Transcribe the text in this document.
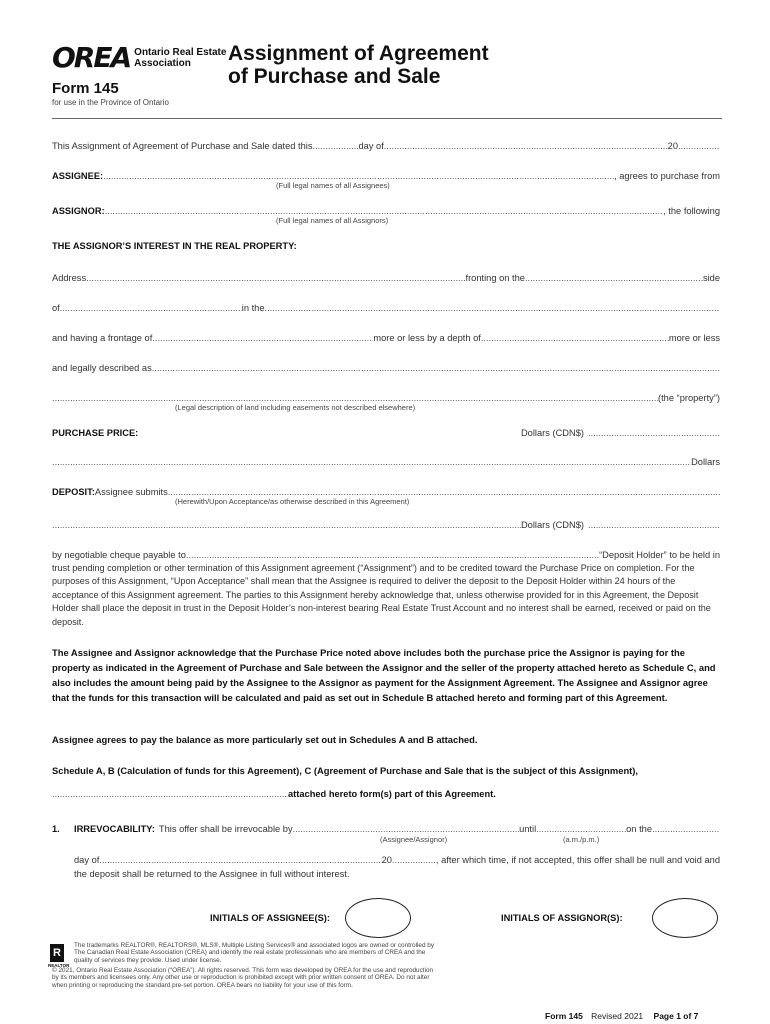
OREA Ontario Real Estate
Association	Assignment of Agreement
of Purchase and Sale
Form 145
for use in the Province of Ontario
This Assignment of Agreement of Purchase and Sale dated this .....	day of .....	20
.....
ASSIGNEE: .....	, agrees to purchase from
(Full legal names of all Assignees)
ASSIGNOR: .....	, the following
(Full legal names of all Assignors)
THE ASSIGNOR’S INTEREST IN THE REAL PROPERTY:
Address .....	fronting on the .....	side
of .....	in the
.....
and having a frontage of .....	more or less by a depth of .....	more or less
and legally described as
.....
.....
(the “property”)
(Legal description of land including easements not described elsewhere)
PURCHASE PRICE:	Dollars (CDN$)
.....
.....
Dollars
DEPOSIT: Assignee submits
.....
(Herewith/Upon Acceptance/as otherwise described in this Agreement)
.....
Dollars (CDN$)
.....
by negotiable cheque payable to .....	“Deposit Holder” to be held in
trust pending completion or other termination of this Assignment agreement (“Assignment”) and to be credited toward the Purchase Price on completion. For the purposes of this Assignment, “Upon Acceptance” shall mean that the Assignee is required to deliver the deposit to the Deposit Holder within 24 hours of the acceptance of this Assignment agreement. The parties to this Assignment hereby acknowledge that, unless otherwise provided for in this Agreement, the Deposit Holder shall place the deposit in trust in the Deposit Holder’s non-interest bearing Real Estate Trust Account and no interest shall be earned, received or paid on the deposit.
The Assignee and Assignor acknowledge that the Purchase Price noted above includes both the purchase price the Assignor is paying for the property as indicated in the Agreement of Purchase and Sale between the Assignor and the seller of the property attached hereto as Schedule C, and also includes the amount being paid by the Assignee to the Assignor as payment for the Assignment Agreement. The Assignee and Assignor agree that the funds for this transaction will be calculated and paid as set out in Schedule B attached hereto and forming part of this Agreement.
Assignee agrees to pay the balance as more particularly set out in Schedules A and B attached.
Schedule A, B (Calculation of funds for this Agreement), C (Agreement of Purchase and Sale that is the subject of this Assignment),
.....
attached hereto form(s) part of this Agreement.
1.	IRREVOCABILITY: This offer shall be irrevocable by .....	until .....	on the
.....
(Assignee/Assignor)	(a.m./p.m.)
day of .....	20 .....	, after which time, if not accepted, this offer shall be null and void and
the deposit shall be returned to the Assignee in full without interest.
INITIALS OF ASSIGNEE(S):	INITIALS OF ASSIGNOR(S):
R
REALTOR
The trademarks REALTOR®, REALTORS®, MLS®, Multiple Listing Services® and associated logos are owned or controlled by
The Canadian Real Estate Association (CREA) and identify the real estate professionals who are members of CREA and the
quality of services they provide. Used under license.
© 2021, Ontario Real Estate Association (“OREA”). All rights reserved. This form was developed by OREA for the use and reproduction
by its members and licensees only. Any other use or reproduction is prohibited except with prior written consent of OREA. Do not alter
when printing or reproducing the standard pre-set portion. OREA bears no liability for your use of this form.
Form 145 Revised 2021 Page 1 of 7
